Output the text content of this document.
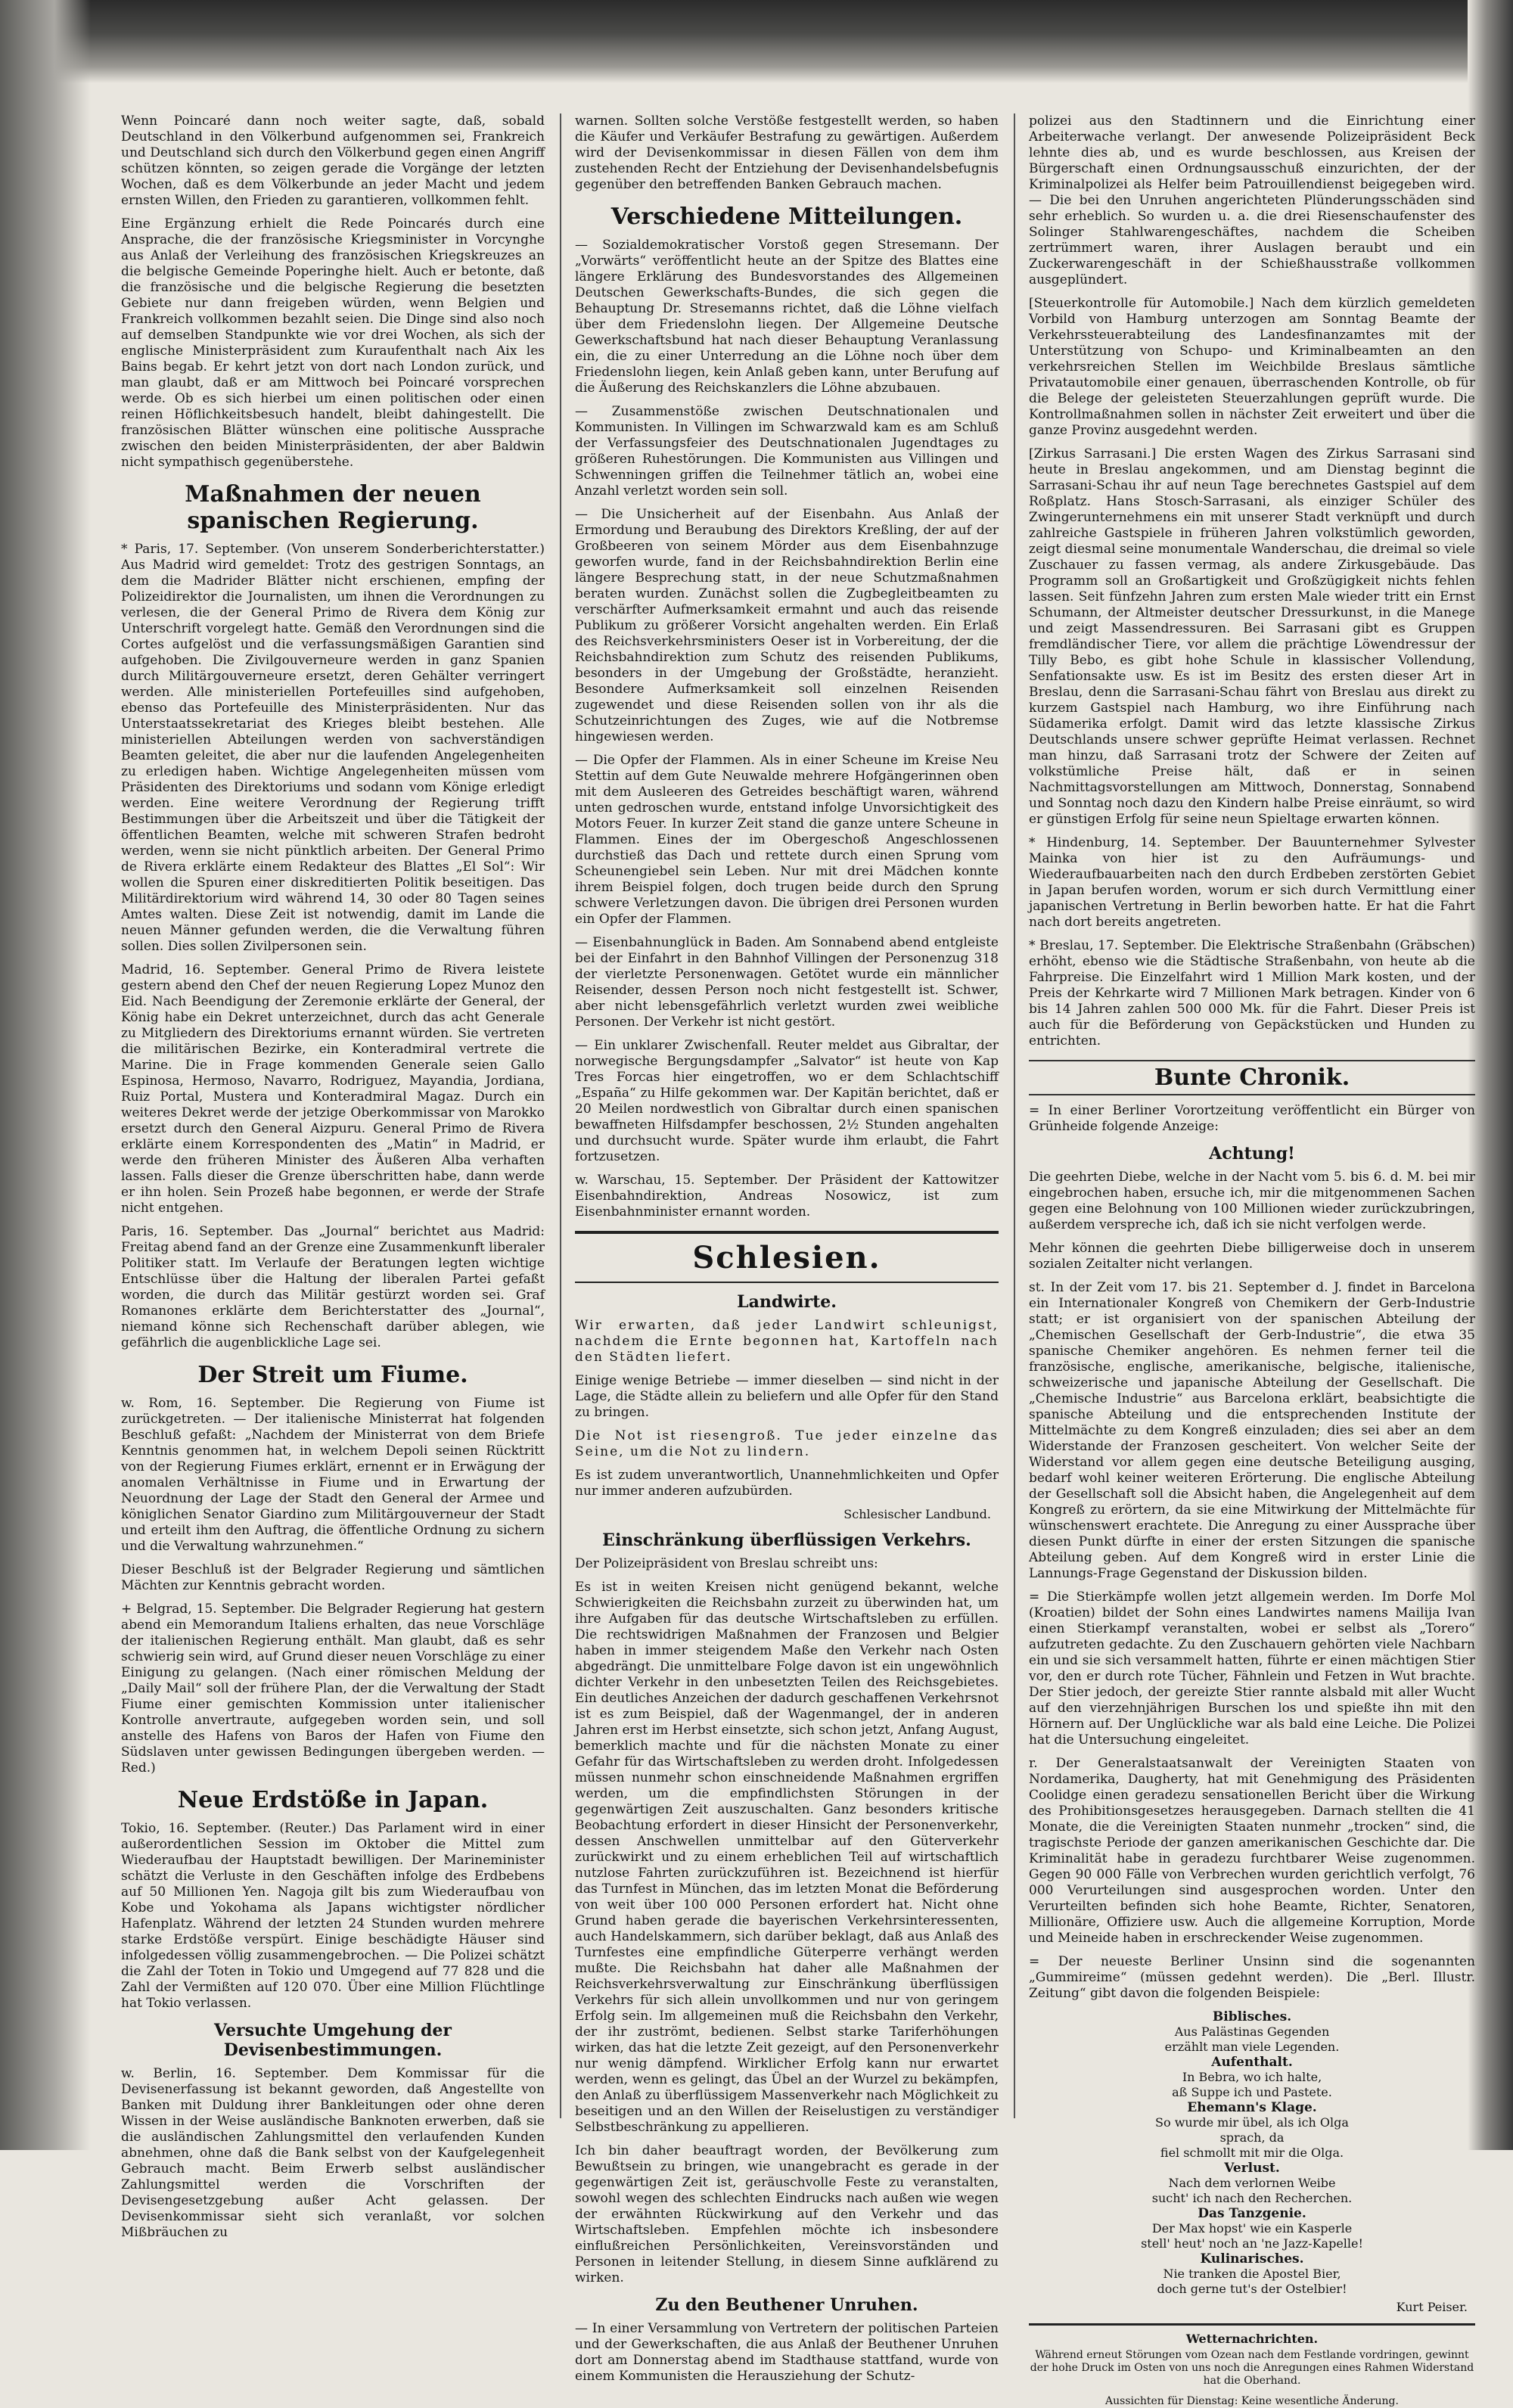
Wenn Poincaré dann noch weiter sagte, daß, sobald Deutschland in den Völkerbund aufgenommen sei, Frankreich und Deutschland sich durch den Völkerbund gegen einen Angriff schützen könnten, so zeigen gerade die Vorgänge der letzten Wochen, daß es dem Völkerbunde an jeder Macht und jedem ernsten Willen, den Frieden zu garantieren, vollkommen fehlt.

Eine Ergänzung erhielt die Rede Poincarés durch eine Ansprache, die der französische Kriegsminister in Vorcynghe aus Anlaß der Verleihung des französischen Kriegskreuzes an die belgische Gemeinde Poperinghe hielt. Auch er betonte, daß die französische und die belgische Regierung die besetzten Gebiete nur dann freigeben würden, wenn Belgien und Frankreich vollkommen bezahlt seien. Die Dinge sind also noch auf demselben Standpunkte wie vor drei Wochen, als sich der englische Ministerpräsident zum Kuraufenthalt nach Aix les Bains begab. Er kehrt jetzt von dort nach London zurück, und man glaubt, daß er am Mittwoch bei Poincaré vorsprechen werde. Ob es sich hierbei um einen politischen oder einen reinen Höflichkeitsbesuch handelt, bleibt dahingestellt. Die französischen Blätter wünschen eine politische Aussprache zwischen den beiden Ministerpräsidenten, der aber Baldwin nicht sympathisch gegenüberstehe.

Maßnahmen der neuen spanischen Regierung.

* Paris, 17. September. (Von unserem Sonderberichterstatter.) Aus Madrid wird gemeldet: Trotz des gestrigen Sonntags, an dem die Madrider Blätter nicht erschienen, empfing der Polizeidirektor die Journalisten, um ihnen die Verordnungen zu verlesen, die der General Primo de Rivera dem König zur Unterschrift vorgelegt hatte. Gemäß den Verordnungen sind die Cortes aufgelöst und die verfassungsmäßigen Garantien sind aufgehoben. Die Zivilgouverneure werden in ganz Spanien durch Militärgouverneure ersetzt, deren Gehälter verringert werden. Alle ministeriellen Portefeuilles sind aufgehoben, ebenso das Portefeuille des Ministerpräsidenten. Nur das Unterstaatssekretariat des Krieges bleibt bestehen. Alle ministeriellen Abteilungen werden von sachverständigen Beamten geleitet, die aber nur die laufenden Angelegenheiten zu erledigen haben. Wichtige Angelegenheiten müssen vom Präsidenten des Direktoriums und sodann vom Könige erledigt werden. Eine weitere Verordnung der Regierung trifft Bestimmungen über die Arbeitszeit und über die Tätigkeit der öffentlichen Beamten, welche mit schweren Strafen bedroht werden, wenn sie nicht pünktlich arbeiten. Der General Primo de Rivera erklärte einem Redakteur des Blattes „El Sol“: Wir wollen die Spuren einer diskreditierten Politik beseitigen. Das Militärdirektorium wird während 14, 30 oder 80 Tagen seines Amtes walten. Diese Zeit ist notwendig, damit im Lande die neuen Männer gefunden werden, die die Verwaltung führen sollen. Dies sollen Zivilpersonen sein.

Madrid, 16. September. General Primo de Rivera leistete gestern abend den Chef der neuen Regierung Lopez Munoz den Eid. Nach Beendigung der Zeremonie erklärte der General, der König habe ein Dekret unterzeichnet, durch das acht Generale zu Mitgliedern des Direktoriums ernannt würden. Sie vertreten die militärischen Bezirke, ein Konteradmiral vertrete die Marine. Die in Frage kommenden Generale seien Gallo Espinosa, Hermoso, Navarro, Rodriguez, Mayandia, Jordiana, Ruiz Portal, Mustera und Konteradmiral Magaz. Durch ein weiteres Dekret werde der jetzige Oberkommissar von Marokko ersetzt durch den General Aizpuru. General Primo de Rivera erklärte einem Korrespondenten des „Matin“ in Madrid, er werde den früheren Minister des Äußeren Alba verhaften lassen. Falls dieser die Grenze überschritten habe, dann werde er ihn holen. Sein Prozeß habe begonnen, er werde der Strafe nicht entgehen.

Paris, 16. September. Das „Journal“ berichtet aus Madrid: Freitag abend fand an der Grenze eine Zusammenkunft liberaler Politiker statt. Im Verlaufe der Beratungen legten wichtige Entschlüsse über die Haltung der liberalen Partei gefaßt worden, die durch das Militär gestürzt worden sei. Graf Romanones erklärte dem Berichterstatter des „Journal“, niemand könne sich Rechenschaft darüber ablegen, wie gefährlich die augenblickliche Lage sei.

Der Streit um Fiume.

w. Rom, 16. September. Die Regierung von Fiume ist zurückgetreten. — Der italienische Ministerrat hat folgenden Beschluß gefaßt: „Nachdem der Ministerrat von dem Briefe Kenntnis genommen hat, in welchem Depoli seinen Rücktritt von der Regierung Fiumes erklärt, ernennt er in Erwägung der anomalen Verhältnisse in Fiume und in Erwartung der Neuordnung der Lage der Stadt den General der Armee und königlichen Senator Giardino zum Militärgouverneur der Stadt und erteilt ihm den Auftrag, die öffentliche Ordnung zu sichern und die Verwaltung wahrzunehmen.“

Dieser Beschluß ist der Belgrader Regierung und sämtlichen Mächten zur Kenntnis gebracht worden.

+ Belgrad, 15. September. Die Belgrader Regierung hat gestern abend ein Memorandum Italiens erhalten, das neue Vorschläge der italienischen Regierung enthält. Man glaubt, daß es sehr schwierig sein wird, auf Grund dieser neuen Vorschläge zu einer Einigung zu gelangen. (Nach einer römischen Meldung der „Daily Mail“ soll der frühere Plan, der die Verwaltung der Stadt Fiume einer gemischten Kommission unter italienischer Kontrolle anvertraute, aufgegeben worden sein, und soll anstelle des Hafens von Baros der Hafen von Fiume den Südslaven unter gewissen Bedingungen übergeben werden. — Red.)

Neue Erdstöße in Japan.

Tokio, 16. September. (Reuter.) Das Parlament wird in einer außerordentlichen Session im Oktober die Mittel zum Wiederaufbau der Hauptstadt bewilligen. Der Marineminister schätzt die Verluste in den Geschäften infolge des Erdbebens auf 50 Millionen Yen. Nagoja gilt bis zum Wiederaufbau von Kobe und Yokohama als Japans wichtigster nördlicher Hafenplatz. Während der letzten 24 Stunden wurden mehrere starke Erdstöße verspürt. Einige beschädigte Häuser sind infolgedessen völlig zusammengebrochen. — Die Polizei schätzt die Zahl der Toten in Tokio und Umgegend auf 77 828 und die Zahl der Vermißten auf 120 070. Über eine Million Flüchtlinge hat Tokio verlassen.

Versuchte Umgehung der Devisenbestimmungen.

w. Berlin, 16. September. Dem Kommissar für die Devisenerfassung ist bekannt geworden, daß Angestellte von Banken mit Duldung ihrer Bankleitungen oder ohne deren Wissen in der Weise ausländische Banknoten erwerben, daß sie die ausländischen Zahlungsmittel den verlaufenden Kunden abnehmen, ohne daß die Bank selbst von der Kaufgelegenheit Gebrauch macht. Beim Erwerb selbst ausländischer Zahlungsmittel werden die Vorschriften der Devisengesetzgebung außer Acht gelassen. Der Devisenkommissar sieht sich veranlaßt, vor solchen Mißbräuchen zu

warnen. Sollten solche Verstöße festgestellt werden, so haben die Käufer und Verkäufer Bestrafung zu gewärtigen. Außerdem wird der Devisenkommissar in diesen Fällen von dem ihm zustehenden Recht der Entziehung der Devisenhandelsbefugnis gegenüber den betreffenden Banken Gebrauch machen.

Verschiedene Mitteilungen.

— Sozialdemokratischer Vorstoß gegen Stresemann. Der „Vorwärts“ veröffentlicht heute an der Spitze des Blattes eine längere Erklärung des Bundesvorstandes des Allgemeinen Deutschen Gewerkschafts-Bundes, die sich gegen die Behauptung Dr. Stresemanns richtet, daß die Löhne vielfach über dem Friedenslohn liegen. Der Allgemeine Deutsche Gewerkschaftsbund hat nach dieser Behauptung Veranlassung ein, die zu einer Unterredung an die Löhne noch über dem Friedenslohn liegen, kein Anlaß geben kann, unter Berufung auf die Äußerung des Reichskanzlers die Löhne abzubauen.

— Zusammenstöße zwischen Deutschnationalen und Kommunisten. In Villingen im Schwarzwald kam es am Schluß der Verfassungsfeier des Deutschnationalen Jugendtages zu größeren Ruhestörungen. Die Kommunisten aus Villingen und Schwenningen griffen die Teilnehmer tätlich an, wobei eine Anzahl verletzt worden sein soll.

— Die Unsicherheit auf der Eisenbahn. Aus Anlaß der Ermordung und Beraubung des Direktors Kreßling, der auf der Großbeeren von seinem Mörder aus dem Eisenbahnzuge geworfen wurde, fand in der Reichsbahndirektion Berlin eine längere Besprechung statt, in der neue Schutzmaßnahmen beraten wurden. Zunächst sollen die Zugbegleitbeamten zu verschärfter Aufmerksamkeit ermahnt und auch das reisende Publikum zu größerer Vorsicht angehalten werden. Ein Erlaß des Reichsverkehrsministers Oeser ist in Vorbereitung, der die Reichsbahndirektion zum Schutz des reisenden Publikums, besonders in der Umgebung der Großstädte, heranzieht. Besondere Aufmerksamkeit soll einzelnen Reisenden zugewendet und diese Reisenden sollen von ihr als die Schutzeinrichtungen des Zuges, wie auf die Notbremse hingewiesen werden.

— Die Opfer der Flammen. Als in einer Scheune im Kreise Neu Stettin auf dem Gute Neuwalde mehrere Hofgängerinnen oben mit dem Ausleeren des Getreides beschäftigt waren, während unten gedroschen wurde, entstand infolge Unvorsichtigkeit des Motors Feuer. In kurzer Zeit stand die ganze untere Scheune in Flammen. Eines der im Obergeschoß Angeschlossenen durchstieß das Dach und rettete durch einen Sprung vom Scheunengiebel sein Leben. Nur mit drei Mädchen konnte ihrem Beispiel folgen, doch trugen beide durch den Sprung schwere Verletzungen davon. Die übrigen drei Personen wurden ein Opfer der Flammen.

— Eisenbahnunglück in Baden. Am Sonnabend abend entgleiste bei der Einfahrt in den Bahnhof Villingen der Personenzug 318 der vierletzte Personenwagen. Getötet wurde ein männlicher Reisender, dessen Person noch nicht festgestellt ist. Schwer, aber nicht lebensgefährlich verletzt wurden zwei weibliche Personen. Der Verkehr ist nicht gestört.

— Ein unklarer Zwischenfall. Reuter meldet aus Gibraltar, der norwegische Bergungsdampfer „Salvator“ ist heute von Kap Tres Forcas hier eingetroffen, wo er dem Schlachtschiff „España“ zu Hilfe gekommen war. Der Kapitän berichtet, daß er 20 Meilen nordwestlich von Gibraltar durch einen spanischen bewaffneten Hilfsdampfer beschossen, 2½ Stunden angehalten und durchsucht wurde. Später wurde ihm erlaubt, die Fahrt fortzusetzen.

w. Warschau, 15. September. Der Präsident der Kattowitzer Eisenbahndirektion, Andreas Nosowicz, ist zum Eisenbahnminister ernannt worden.

Schlesien.
Landwirte.

Wir erwarten, daß jeder Landwirt schleunigst, nachdem die Ernte begonnen hat, Kartoffeln nach den Städten liefert.

Einige wenige Betriebe — immer dieselben — sind nicht in der Lage, die Städte allein zu beliefern und alle Opfer für den Stand zu bringen.

Die Not ist riesengroß. Tue jeder einzelne das Seine, um die Not zu lindern.

Es ist zudem unverantwortlich, Unannehmlichkeiten und Opfer nur immer anderen aufzubürden.

Schlesischer Landbund.
Einschränkung überflüssigen Verkehrs.

Der Polizeipräsident von Breslau schreibt uns:

Es ist in weiten Kreisen nicht genügend bekannt, welche Schwierigkeiten die Reichsbahn zurzeit zu überwinden hat, um ihre Aufgaben für das deutsche Wirtschaftsleben zu erfüllen. Die rechtswidrigen Maßnahmen der Franzosen und Belgier haben in immer steigendem Maße den Verkehr nach Osten abgedrängt. Die unmittelbare Folge davon ist ein ungewöhnlich dichter Verkehr in den unbesetzten Teilen des Reichsgebietes. Ein deutliches Anzeichen der dadurch geschaffenen Verkehrsnot ist es zum Beispiel, daß der Wagenmangel, der in anderen Jahren erst im Herbst einsetzte, sich schon jetzt, Anfang August, bemerklich machte und für die nächsten Monate zu einer Gefahr für das Wirtschaftsleben zu werden droht. Infolgedessen müssen nunmehr schon einschneidende Maßnahmen ergriffen werden, um die empfindlichsten Störungen in der gegenwärtigen Zeit auszuschalten. Ganz besonders kritische Beobachtung erfordert in dieser Hinsicht der Personenverkehr, dessen Anschwellen unmittelbar auf den Güterverkehr zurückwirkt und zu einem erheblichen Teil auf wirtschaftlich nutzlose Fahrten zurückzuführen ist. Bezeichnend ist hierfür das Turnfest in München, das im letzten Monat die Beförderung von weit über 100 000 Personen erfordert hat. Nicht ohne Grund haben gerade die bayerischen Verkehrsinteressenten, auch Handelskammern, sich darüber beklagt, daß aus Anlaß des Turnfestes eine empfindliche Güterperre verhängt werden mußte. Die Reichsbahn hat daher alle Maßnahmen der Reichsverkehrsverwaltung zur Einschränkung überflüssigen Verkehrs für sich allein unvollkommen und nur von geringem Erfolg sein. Im allgemeinen muß die Reichsbahn den Verkehr, der ihr zuströmt, bedienen. Selbst starke Tariferhöhungen wirken, das hat die letzte Zeit gezeigt, auf den Personenverkehr nur wenig dämpfend. Wirklicher Erfolg kann nur erwartet werden, wenn es gelingt, das Übel an der Wurzel zu bekämpfen, den Anlaß zu überflüssigem Massenverkehr nach Möglichkeit zu beseitigen und an den Willen der Reiselustigen zu verständiger Selbstbeschränkung zu appellieren.

Ich bin daher beauftragt worden, der Bevölkerung zum Bewußtsein zu bringen, wie unangebracht es gerade in der gegenwärtigen Zeit ist, geräuschvolle Feste zu veranstalten, sowohl wegen des schlechten Eindrucks nach außen wie wegen der erwähnten Rückwirkung auf den Verkehr und das Wirtschaftsleben. Empfehlen möchte ich insbesondere einflußreichen Persönlichkeiten, Vereinsvorständen und Personen in leitender Stellung, in diesem Sinne aufklärend zu wirken.

Zu den Beuthener Unruhen.

— In einer Versammlung von Vertretern der politischen Parteien und der Gewerkschaften, die aus Anlaß der Beuthener Unruhen dort am Donnerstag abend im Stadthause stattfand, wurde von einem Kommunisten die Herausziehung der Schutz-

polizei aus den Stadtinnern und die Einrichtung einer Arbeiterwache verlangt. Der anwesende Polizeipräsident Beck lehnte dies ab, und es wurde beschlossen, aus Kreisen der Bürgerschaft einen Ordnungsausschuß einzurichten, der der Kriminalpolizei als Helfer beim Patrouillendienst beigegeben wird. — Die bei den Unruhen angerichteten Plünderungsschäden sind sehr erheblich. So wurden u. a. die drei Riesenschaufenster des Solinger Stahlwarengeschäftes, nachdem die Scheiben zertrümmert waren, ihrer Auslagen beraubt und ein Zuckerwarengeschäft in der Schießhausstraße vollkommen ausgeplündert.

[Steuerkontrolle für Automobile.] Nach dem kürzlich gemeldeten Vorbild von Hamburg unterzogen am Sonntag Beamte der Verkehrssteuerabteilung des Landesfinanzamtes mit der Unterstützung von Schupo- und Kriminalbeamten an den verkehrsreichen Stellen im Weichbilde Breslaus sämtliche Privatautomobile einer genauen, überraschenden Kontrolle, ob für die Belege der geleisteten Steuerzahlungen geprüft wurde. Die Kontrollmaßnahmen sollen in nächster Zeit erweitert und über die ganze Provinz ausgedehnt werden.

[Zirkus Sarrasani.] Die ersten Wagen des Zirkus Sarrasani sind heute in Breslau angekommen, und am Dienstag beginnt die Sarrasani-Schau ihr auf neun Tage berechnetes Gastspiel auf dem Roßplatz. Hans Stosch-Sarrasani, als einziger Schüler des Zwingerunternehmens ein mit unserer Stadt verknüpft und durch zahlreiche Gastspiele in früheren Jahren volkstümlich geworden, zeigt diesmal seine monumentale Wanderschau, die dreimal so viele Zuschauer zu fassen vermag, als andere Zirkusgebäude. Das Programm soll an Großartigkeit und Großzügigkeit nichts fehlen lassen. Seit fünfzehn Jahren zum ersten Male wieder tritt ein Ernst Schumann, der Altmeister deutscher Dressurkunst, in die Manege und zeigt Massendressuren. Bei Sarrasani gibt es Gruppen fremdländischer Tiere, vor allem die prächtige Löwendressur der Tilly Bebo, es gibt hohe Schule in klassischer Vollendung, Senfationsakte usw. Es ist im Besitz des ersten dieser Art in Breslau, denn die Sarrasani-Schau fährt von Breslau aus direkt zu kurzem Gastspiel nach Hamburg, wo ihre Einführung nach Südamerika erfolgt. Damit wird das letzte klassische Zirkus Deutschlands unsere schwer geprüfte Heimat verlassen. Rechnet man hinzu, daß Sarrasani trotz der Schwere der Zeiten auf volkstümliche Preise hält, daß er in seinen Nachmittagsvorstellungen am Mittwoch, Donnerstag, Sonnabend und Sonntag noch dazu den Kindern halbe Preise einräumt, so wird er günstigen Erfolg für seine neun Spieltage erwarten können.

* Hindenburg, 14. September. Der Bauunternehmer Sylvester Mainka von hier ist zu den Aufräumungs- und Wiederaufbauarbeiten nach den durch Erdbeben zerstörten Gebiet in Japan berufen worden, worum er sich durch Vermittlung einer japanischen Vertretung in Berlin beworben hatte. Er hat die Fahrt nach dort bereits angetreten.

* Breslau, 17. September. Die Elektrische Straßenbahn (Gräbschen) erhöht, ebenso wie die Städtische Straßenbahn, von heute ab die Fahrpreise. Die Einzelfahrt wird 1 Million Mark kosten, und der Preis der Kehrkarte wird 7 Millionen Mark betragen. Kinder von 6 bis 14 Jahren zahlen 500 000 Mk. für die Fahrt. Dieser Preis ist auch für die Beförderung von Gepäckstücken und Hunden zu entrichten.

Bunte Chronik.

= In einer Berliner Vorortzeitung veröffentlicht ein Bürger von Grünheide folgende Anzeige:

Achtung!

Die geehrten Diebe, welche in der Nacht vom 5. bis 6. d. M. bei mir eingebrochen haben, ersuche ich, mir die mitgenommenen Sachen gegen eine Belohnung von 100 Millionen wieder zurückzubringen, außerdem verspreche ich, daß ich sie nicht verfolgen werde.

Mehr können die geehrten Diebe billigerweise doch in unserem sozialen Zeitalter nicht verlangen.

st. In der Zeit vom 17. bis 21. September d. J. findet in Barcelona ein Internationaler Kongreß von Chemikern der Gerb-Industrie statt; er ist organisiert von der spanischen Abteilung der „Chemischen Gesellschaft der Gerb-Industrie“, die etwa 35 spanische Chemiker angehören. Es nehmen ferner teil die französische, englische, amerikanische, belgische, italienische, schweizerische und japanische Abteilung der Gesellschaft. Die „Chemische Industrie“ aus Barcelona erklärt, beabsichtigte die spanische Abteilung und die entsprechenden Institute der Mittelmächte zu dem Kongreß einzuladen; dies sei aber an dem Widerstande der Franzosen gescheitert. Von welcher Seite der Widerstand vor allem gegen eine deutsche Beteiligung ausging, bedarf wohl keiner weiteren Erörterung. Die englische Abteilung der Gesellschaft soll die Absicht haben, die Angelegenheit auf dem Kongreß zu erörtern, da sie eine Mitwirkung der Mittelmächte für wünschenswert erachtete. Die Anregung zu einer Aussprache über diesen Punkt dürfte in einer der ersten Sitzungen die spanische Abteilung geben. Auf dem Kongreß wird in erster Linie die Lannungs-Frage Gegenstand der Diskussion bilden.

= Die Stierkämpfe wollen jetzt allgemein werden. Im Dorfe Mol (Kroatien) bildet der Sohn eines Landwirtes namens Mailija Ivan einen Stierkampf veranstalten, wobei er selbst als „Torero“ aufzutreten gedachte. Zu den Zuschauern gehörten viele Nachbarn ein und sie sich versammelt hatten, führte er einen mächtigen Stier vor, den er durch rote Tücher, Fähnlein und Fetzen in Wut brachte. Der Stier jedoch, der gereizte Stier rannte alsbald mit aller Wucht auf den vierzehnjährigen Burschen los und spießte ihn mit den Hörnern auf. Der Unglückliche war als bald eine Leiche. Die Polizei hat die Untersuchung eingeleitet.

r. Der Generalstaatsanwalt der Vereinigten Staaten von Nordamerika, Daugherty, hat mit Genehmigung des Präsidenten Coolidge einen geradezu sensationellen Bericht über die Wirkung des Prohibitionsgesetzes herausgegeben. Darnach stellten die 41 Monate, die die Vereinigten Staaten nunmehr „trocken“ sind, die tragischste Periode der ganzen amerikanischen Geschichte dar. Die Kriminalität habe in geradezu furchtbarer Weise zugenommen. Gegen 90 000 Fälle von Verbrechen wurden gerichtlich verfolgt, 76 000 Verurteilungen sind ausgesprochen worden. Unter den Verurteilten befinden sich hohe Beamte, Richter, Senatoren, Millionäre, Offiziere usw. Auch die allgemeine Korruption, Morde und Meineide haben in erschreckender Weise zugenommen.

= Der neueste Berliner Unsinn sind die sogenannten „Gummireime“ (müssen gedehnt werden). Die „Berl. Illustr. Zeitung“ gibt davon die folgenden Beispiele:

Biblisches.
Aus Palästinas Gegenden
erzählt man viele Legenden.
Aufenthalt.
In Bebra, wo ich halte,
aß Suppe ich und Pastete.
Ehemann's Klage.
So wurde mir übel, als ich Olga
sprach, da
fiel schmollt mit mir die Olga.
Verlust.
Nach dem verlornen Weibe
sucht' ich nach den Recherchen.
Das Tanzgenie.
Der Max hopst' wie ein Kasperle
stell' heut' noch an 'ne Jazz-Kapelle!
Kulinarisches.
Nie tranken die Apostel Bier,
doch gerne tut's der Ostelbier!
Kurt Peiser.
Wetternachrichten.

Während erneut Störungen vom Ozean nach dem Festlande vordringen, gewinnt der hohe Druck im Osten von uns noch die Anregungen eines Rahmen Widerstand hat die Oberhand.

Aussichten für Dienstag: Keine wesentliche Änderung.
